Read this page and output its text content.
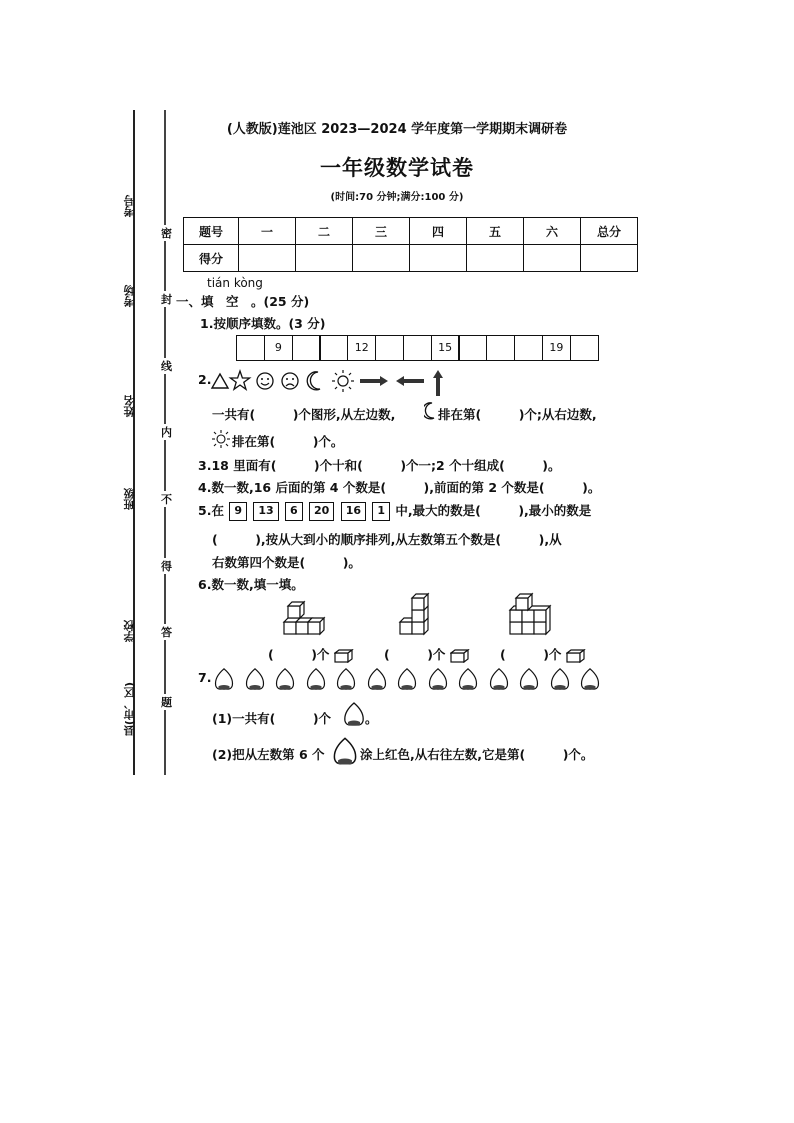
考号
考场
姓名
班级
学校
县(市、区)
密
封
线
内
不
得
答
题
(人教版)莲池区 2023—2024 学年度第一学期期末调研卷
一年级数学试卷
(时间:70 分钟;满分:100 分)
题号	一	二	三	四	五	六	总分
得分							
tián kòng
一、填　空　。(25 分)
1.按顺序填数。(3 分)
9	12	15	19
2.
一共有(　　　)个图形,从左边数,	排在第(　　　)个;从右边数,
排在第(　　　)个。
3.18 里面有(　　　)个十和(　　　)个一;2 个十组成(　　　)。
4.数一数,16 后面的第 4 个数是(　　　),前面的第 2 个数是(　　　)。
5.在 9 13 6 20 16 1 中,最大的数是(　　　),最小的数是
(　　　),按从大到小的顺序排列,从左数第五个数是(　　　),从
右数第四个数是(　　　)。
6.数一数,填一填。
(　　　)个	(　　　)个	(　　　)个
7.
(1)一共有(　　　)个	。
(2)把从左数第 6 个	涂上红色,从右往左数,它是第(　　　)个。
